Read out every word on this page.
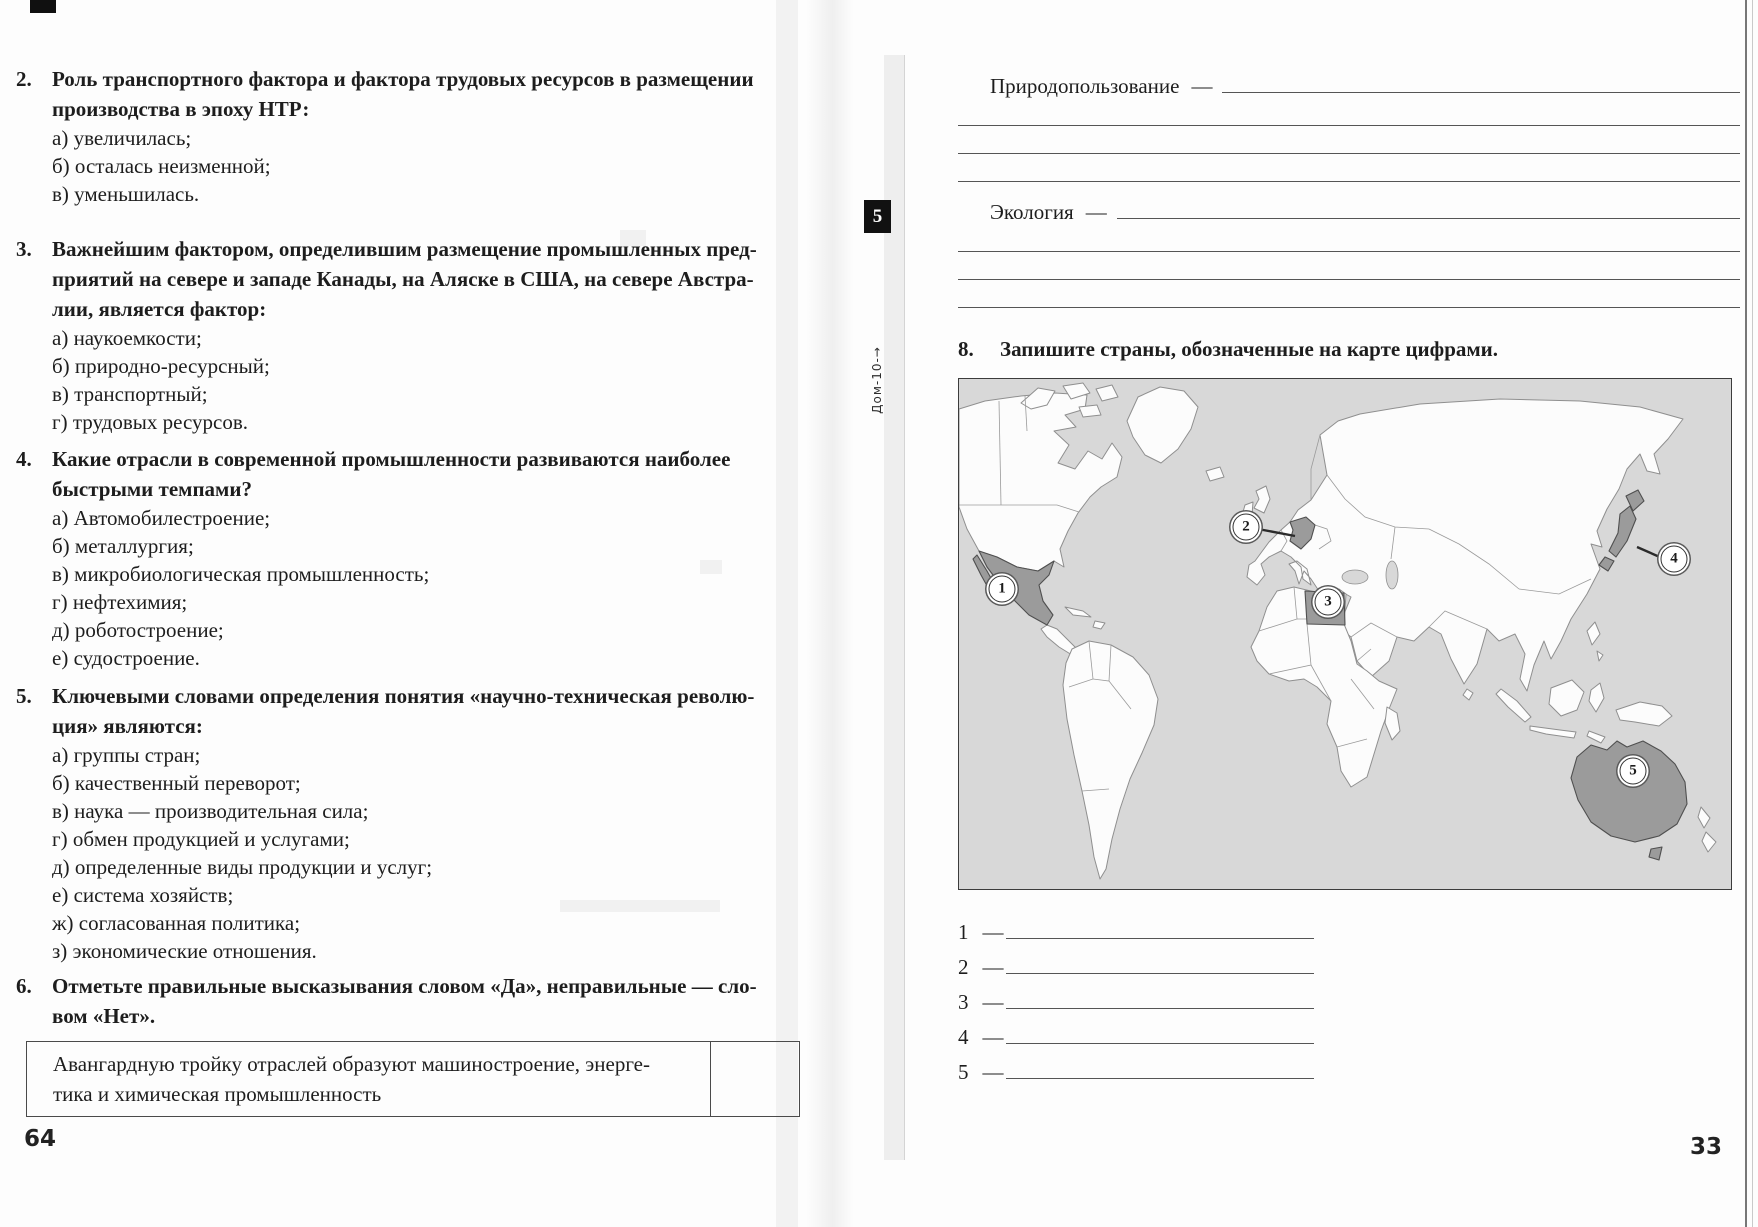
2. Роль транспортного фактора и фактора трудовых ресурсов в размещении
производства в эпоху НТР:
а) увеличилась;
б) осталась неизменной;
в) уменьшилась.
3. Важнейшим фактором, определившим размещение промышленных пред-
приятий на севере и западе Канады, на Аляске в США, на севере Австра-
лии, является фактор:
а) наукоемкости;
б) природно-ресурсный;
в) транспортный;
г) трудовых ресурсов.
4. Какие отрасли в современной промышленности развиваются наиболее
быстрыми темпами?
а) Автомобилестроение;
б) металлургия;
в) микробиологическая промышленность;
г) нефтехимия;
д) роботостроение;
е) судостроение.
5. Ключевыми словами определения понятия «научно-техническая револю-
ция» являются:
а) группы стран;
б) качественный переворот;
в) наука — производительная сила;
г) обмен продукцией и услугами;
д) определенные виды продукции и услуг;
е) система хозяйств;
ж) согласованная политика;
з) экономические отношения.
6. Отметьте правильные высказывания словом «Да», неправильные — сло-
вом «Нет».
Авангардную тройку отраслей образуют машиностроение, энерге-
тика и химическая промышленность
64
5
Дом-10-→
Природопользование —
Экология —
8.	Запишите страны, обозначенные на карте цифрами.
1
2
3
4
5
1 —
2 —
3 —
4 —
5 —
33
